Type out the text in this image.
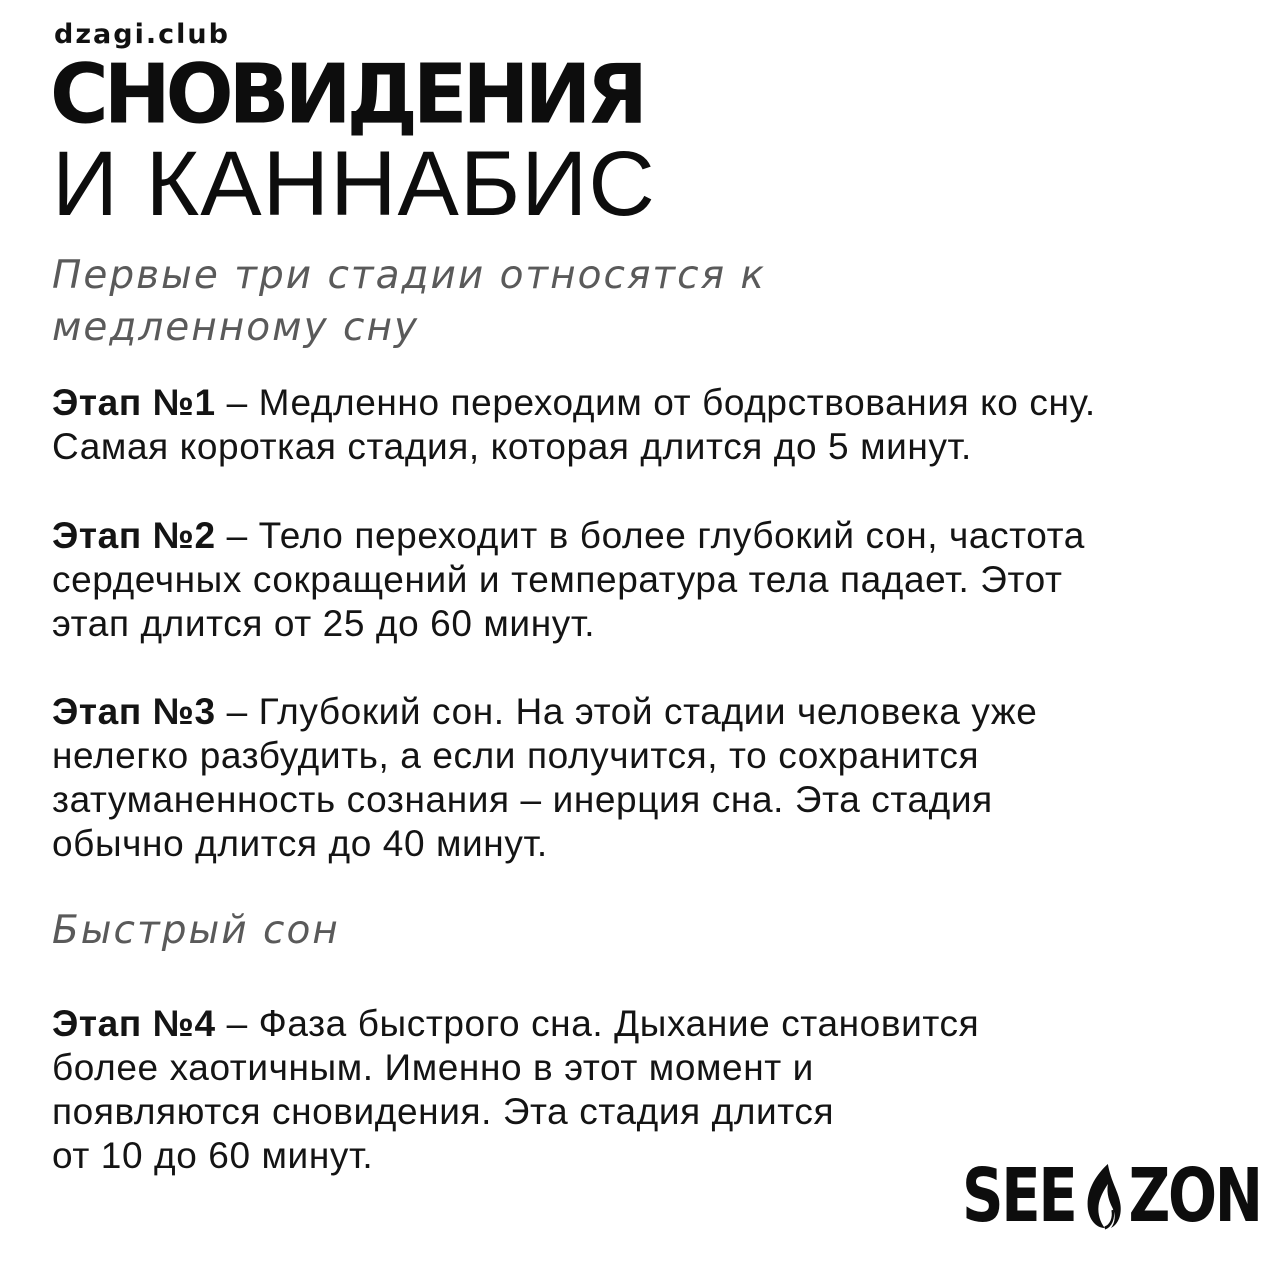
dzagi.club
СНОВИДЕНИЯ
И КАННАБИС
Первые три стадии относятся к
медленному сну
Этап №1 – Медленно переходим от бодрствования ко сну.
Самая короткая стадия, которая длится до 5 минут.
Этап №2 – Тело переходит в более глубокий сон, частота
сердечных сокращений и температура тела падает. Этот
этап длится от 25 до 60 минут.
Этап №3 – Глубокий сон. На этой стадии человека уже
нелегко разбудить, а если получится, то сохранится
затуманенность сознания – инерция сна. Эта стадия
обычно длится до 40 минут.
Быстрый сон
Этап №4 – Фаза быстрого сна. Дыхание становится
более хаотичным. Именно в этот момент и
появляются сновидения. Эта стадия длится
от 10 до 60 минут.	SEE ZON
